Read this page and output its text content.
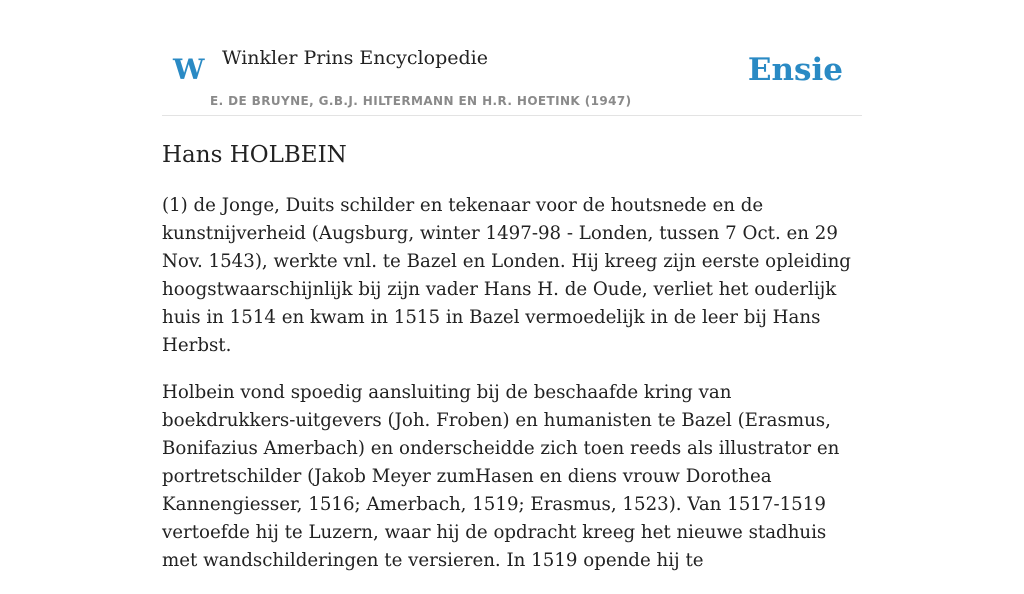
W Winkler Prins Encyclopedie
E. DE BRUYNE, G.B.J. HILTERMANN EN H.R. HOETINK (1947)
Ensie
Hans HOLBEIN

(1) de Jonge, Duits schilder en tekenaar voor de houtsnede en de kunstnijverheid (Augsburg, winter 1497-98 - Londen, tussen 7 Oct. en 29 Nov. 1543), werkte vnl. te Bazel en Londen. Hij kreeg zijn eerste opleiding hoogstwaarschijnlijk bij zijn vader Hans H. de Oude, verliet het ouderlijk huis in 1514 en kwam in 1515 in Bazel vermoedelijk in de leer bij Hans Herbst.

Holbein vond spoedig aansluiting bij de beschaafde kring van boekdrukkers-uitgevers (Joh. Froben) en humanisten te Bazel (Erasmus, Bonifazius Amerbach) en onderscheidde zich toen reeds als illustrator en portretschilder (Jakob Meyer zumHasen en diens vrouw Dorothea Kannengiesser, 1516; Amerbach, 1519; Erasmus, 1523). Van 1517-1519 vertoefde hij te Luzern, waar hij de opdracht kreeg het nieuwe stadhuis met wandschilderingen te versieren. In 1519 opende hij te
